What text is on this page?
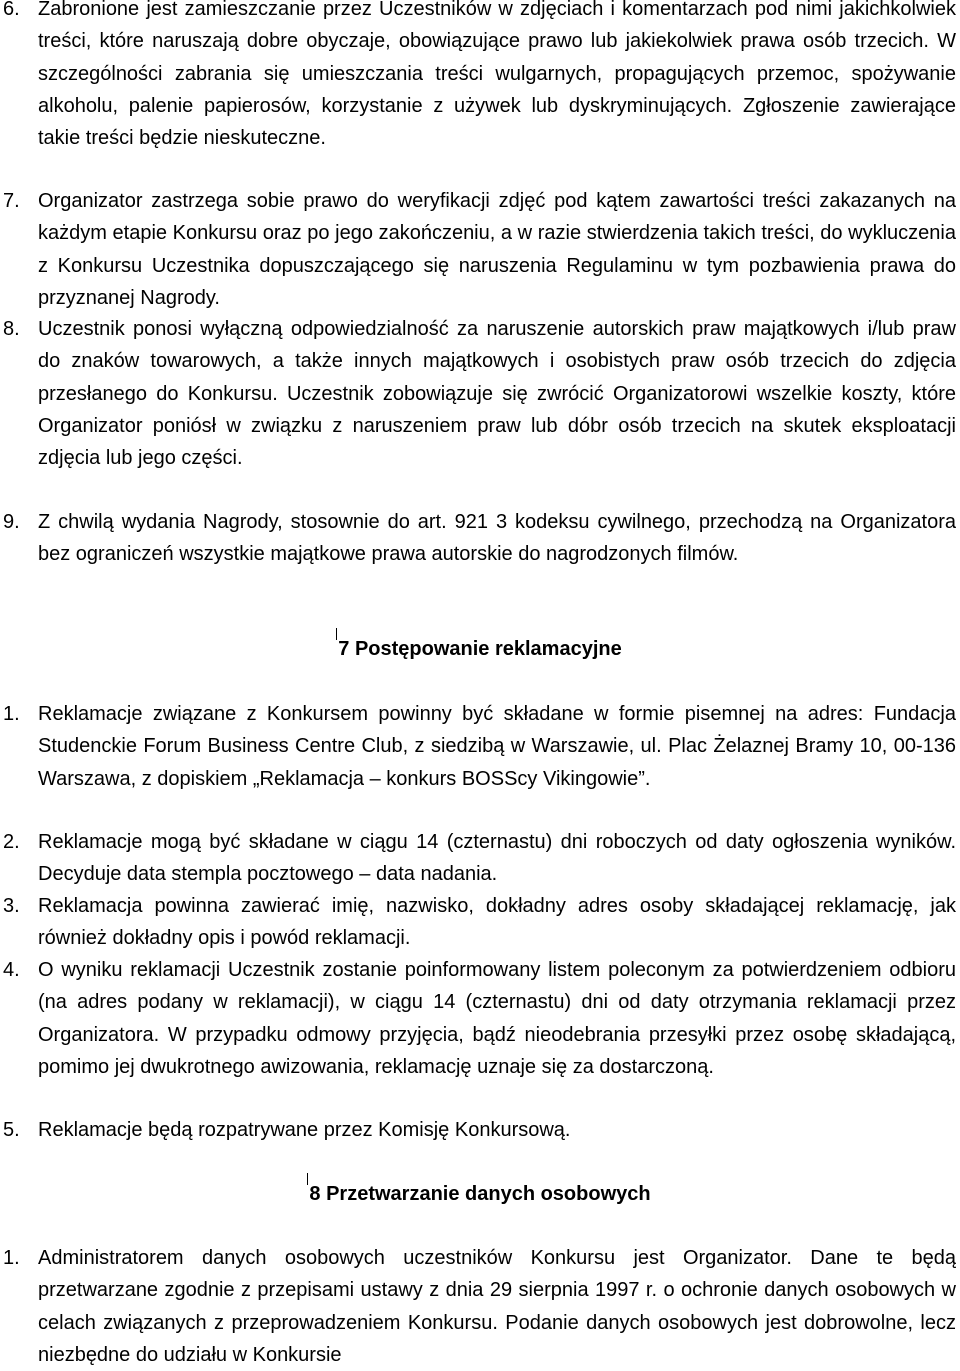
6. Zabronione jest zamieszczanie przez Uczestników w zdjęciach i komentarzach pod nimi jakichkolwiek treści, które naruszają dobre obyczaje, obowiązujące prawo lub jakiekolwiek prawa osób trzecich. W szczególności zabrania się umieszczania treści wulgarnych, propagujących przemoc, spożywanie alkoholu, palenie papierosów, korzystanie z używek lub dyskryminujących. Zgłoszenie zawierające takie treści będzie nieskuteczne.
7. Organizator zastrzega sobie prawo do weryfikacji zdjęć pod kątem zawartości treści zakazanych na każdym etapie Konkursu oraz po jego zakończeniu, a w razie stwierdzenia takich treści, do wykluczenia z Konkursu Uczestnika dopuszczającego się naruszenia Regulaminu w tym pozbawienia prawa do przyznanej Nagrody.
8. Uczestnik ponosi wyłączną odpowiedzialność za naruszenie autorskich praw majątkowych i/lub praw do znaków towarowych, a także innych majątkowych i osobistych praw osób trzecich do zdjęcia przesłanego do Konkursu. Uczestnik zobowiązuje się zwrócić Organizatorowi wszelkie koszty, które Organizator poniósł w związku z naruszeniem praw lub dóbr osób trzecich na skutek eksploatacji zdjęcia lub jego części.
9. Z chwilą wydania Nagrody, stosownie do art. 921 3 kodeksu cywilnego, przechodzą na Organizatora bez ograniczeń wszystkie majątkowe prawa autorskie do nagrodzonych filmów.
7 Postępowanie reklamacyjne
1. Reklamacje związane z Konkursem powinny być składane w formie pisemnej na adres: Fundacja Studenckie Forum Business Centre Club, z siedzibą w Warszawie, ul. Plac Żelaznej Bramy 10, 00-136 Warszawa, z dopiskiem „Reklamacja – konkurs BOSScy Vikingowie”.
2. Reklamacje mogą być składane w ciągu 14 (czternastu) dni roboczych od daty ogłoszenia wyników. Decyduje data stempla pocztowego – data nadania.
3. Reklamacja powinna zawierać imię, nazwisko, dokładny adres osoby składającej reklamację, jak również dokładny opis i powód reklamacji.
4. O wyniku reklamacji Uczestnik zostanie poinformowany listem poleconym za potwierdzeniem odbioru (na adres podany w reklamacji), w ciągu 14 (czternastu) dni od daty otrzymania reklamacji przez Organizatora. W przypadku odmowy przyjęcia, bądź nieodebrania przesyłki przez osobę składającą, pomimo jej dwukrotnego awizowania, reklamację uznaje się za dostarczoną.
5. Reklamacje będą rozpatrywane przez Komisję Konkursową.
8 Przetwarzanie danych osobowych
1. Administratorem danych osobowych uczestników Konkursu jest Organizator. Dane te będą przetwarzane zgodnie z przepisami ustawy z dnia 29 sierpnia 1997 r. o ochronie danych osobowych w celach związanych z przeprowadzeniem Konkursu. Podanie danych osobowych jest dobrowolne, lecz niezbędne do udziału w Konkursie
